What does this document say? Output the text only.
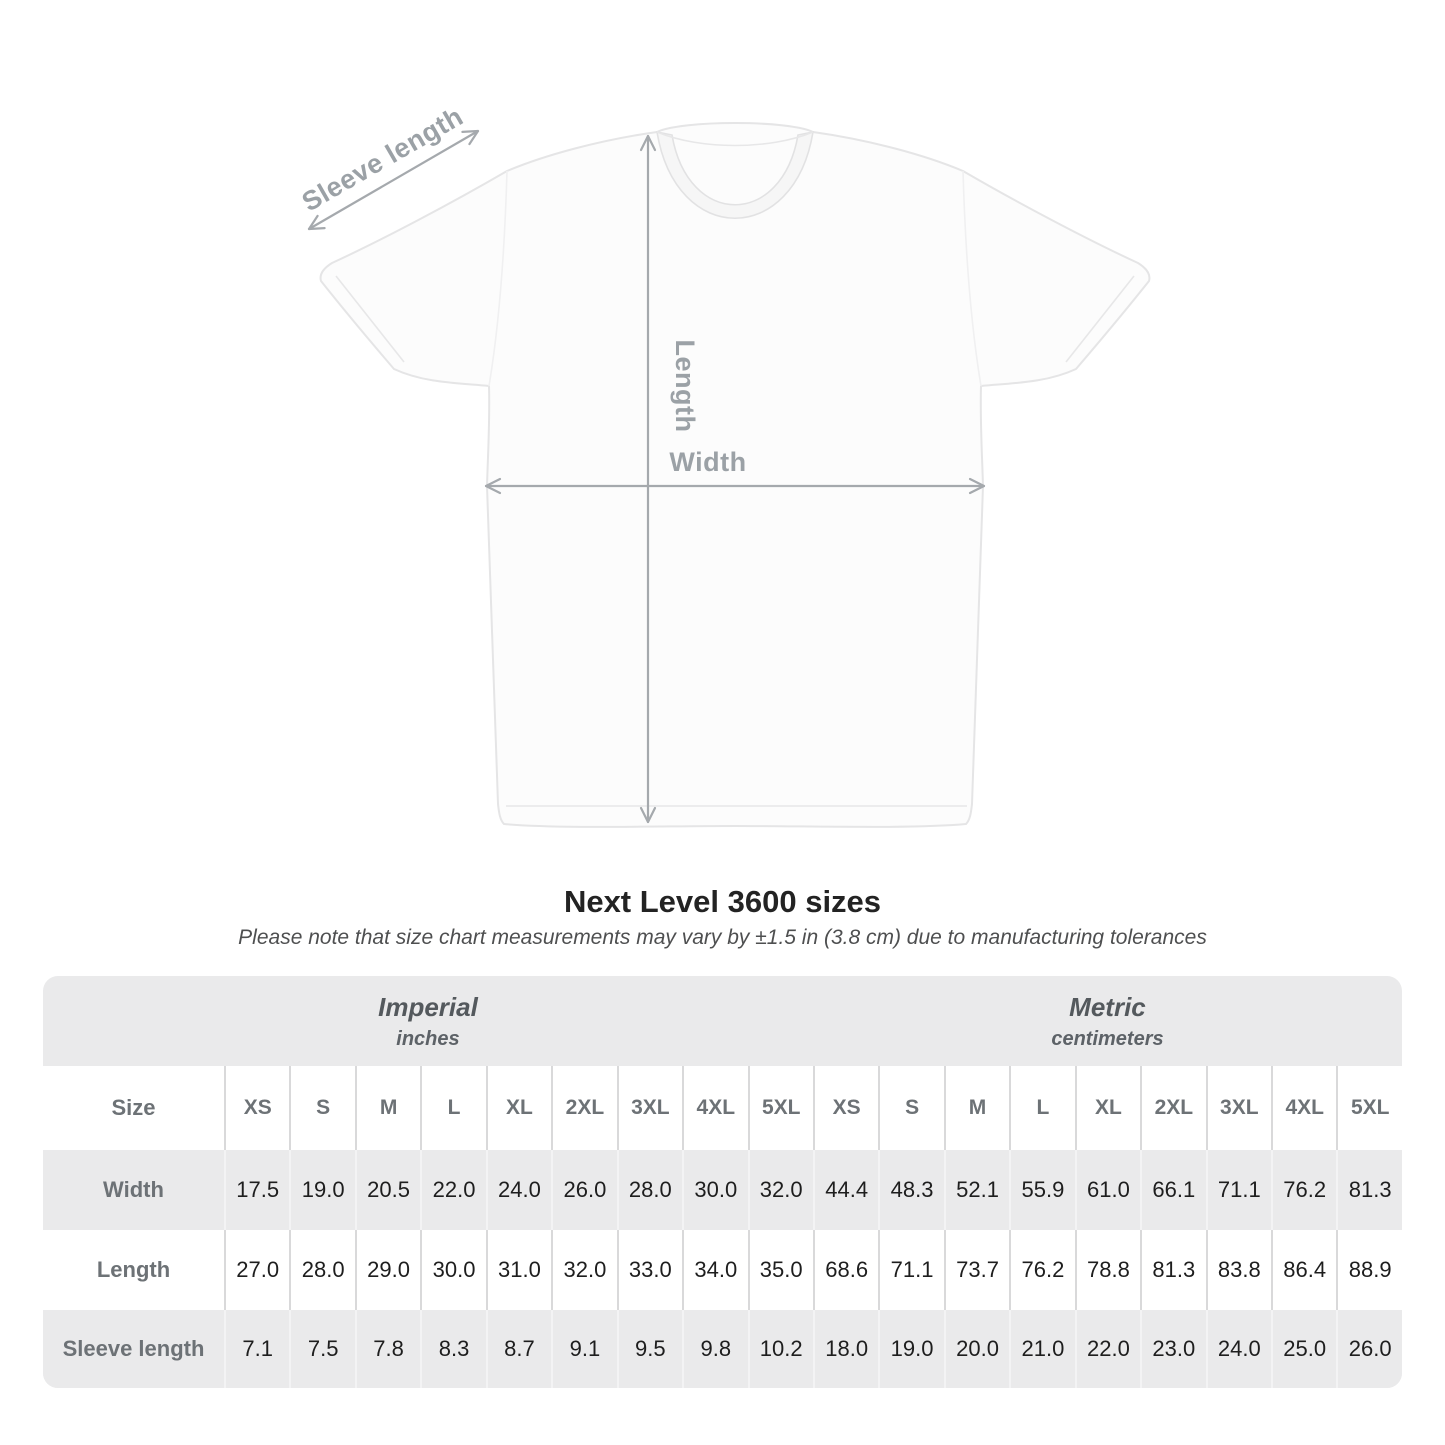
Length
Width
Sleeve length
Next Level 3600 sizes

Please note that size chart measurements may vary by ±1.5 in (3.8 cm) due to manufacturing tolerances

Imperial
inches

Metric
centimeters

Size	XS	S	M	L	XL	2XL	3XL	4XL	5XL	XS	S	M	L	XL	2XL	3XL	4XL	5XL
Width	17.5	19.0	20.5	22.0	24.0	26.0	28.0	30.0	32.0	44.4	48.3	52.1	55.9	61.0	66.1	71.1	76.2	81.3
Length	27.0	28.0	29.0	30.0	31.0	32.0	33.0	34.0	35.0	68.6	71.1	73.7	76.2	78.8	81.3	83.8	86.4	88.9
Sleeve length	7.1	7.5	7.8	8.3	8.7	9.1	9.5	9.8	10.2	18.0	19.0	20.0	21.0	22.0	23.0	24.0	25.0	26.0
